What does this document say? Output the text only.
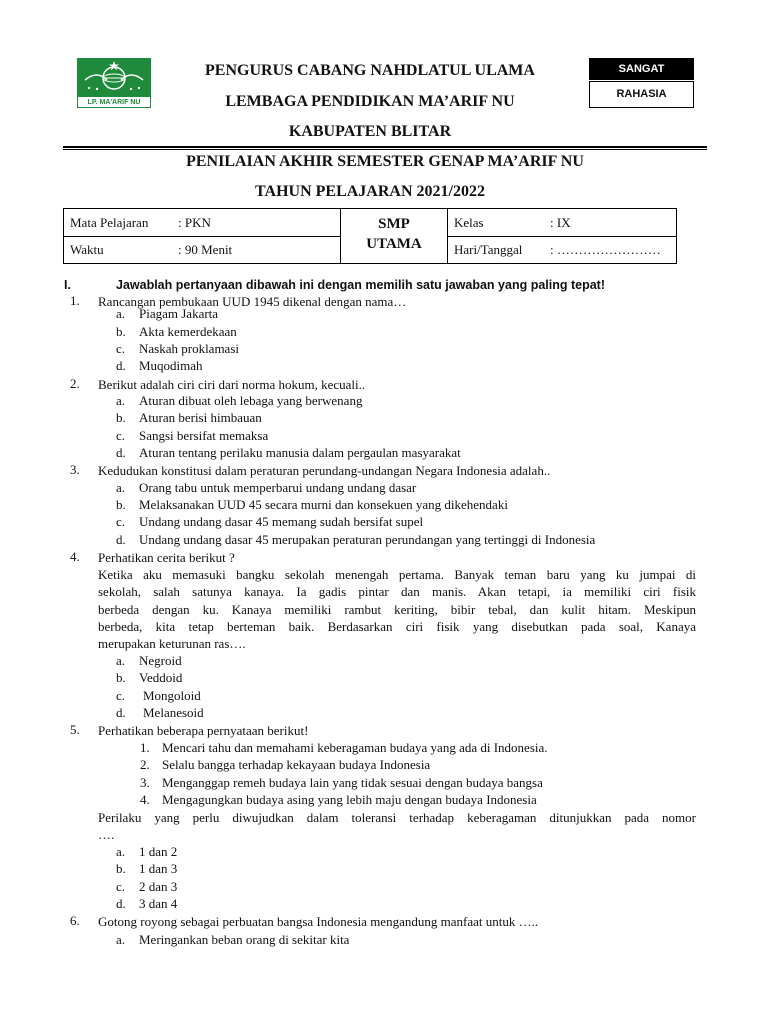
LP. MA'ARIF NU
PENGURUS CABANG NAHDLATUL ULAMA
LEMBAGA PENDIDIKAN MA’ARIF NU
KABUPATEN BLITAR
SANGAT
RAHASIA
PENILAIAN AKHIR SEMESTER GENAP MA’ARIF NU
TAHUN PELAJARAN 2021/2022
Mata Pelajaran : PKN
Waktu	: 90 Menit
SMP
UTAMA
Kelas	: IX
Hari/Tanggal : ……………………
I.	Jawablah pertanyaan dibawah ini dengan memilih satu jawaban yang paling tepat!
1. Rancangan pembukaan UUD 1945 dikenal dengan nama…
a. Piagam Jakarta
b. Akta kemerdekaan
c. Naskah proklamasi
d. Muqodimah
2. Berikut adalah ciri ciri dari norma hokum, kecuali..
a. Aturan dibuat oleh lebaga yang berwenang
b. Aturan berisi himbauan
c. Sangsi bersifat memaksa
d. Aturan tentang perilaku manusia dalam pergaulan masyarakat
3. Kedudukan konstitusi dalam peraturan perundang-undangan Negara Indonesia adalah..
a. Orang tabu untuk memperbarui undang undang dasar
b. Melaksanakan UUD 45 secara murni dan konsekuen yang dikehendaki
c. Undang undang dasar 45 memang sudah bersifat supel
d. Undang undang dasar 45 merupakan peraturan perundangan yang tertinggi di Indonesia
4. Perhatikan cerita berikut ?
Ketika aku memasuki bangku sekolah menengah pertama. Banyak teman baru yang ku jumpai di
sekolah, salah satunya kanaya. Ia gadis pintar dan manis. Akan tetapi, ia memiliki ciri fisik
berbeda dengan ku. Kanaya memiliki rambut keriting, bibir tebal, dan kulit hitam. Meskipun
berbeda, kita tetap berteman baik. Berdasarkan ciri fisik yang disebutkan pada soal, Kanaya
merupakan keturunan ras….
a. Negroid
b. Veddoid
c. Mongoloid
d. Melanesoid
5. Perhatikan beberapa pernyataan berikut!
1. Mencari tahu dan memahami keberagaman budaya yang ada di Indonesia.
2. Selalu bangga terhadap kekayaan budaya Indonesia
3. Menganggap remeh budaya lain yang tidak sesuai dengan budaya bangsa
4. Mengagungkan budaya asing yang lebih maju dengan budaya Indonesia
Perilaku yang perlu diwujudkan dalam toleransi terhadap keberagaman ditunjukkan pada nomor
….
a. 1 dan 2
b. 1 dan 3
c. 2 dan 3
d. 3 dan 4
6. Gotong royong sebagai perbuatan bangsa Indonesia mengandung manfaat untuk …..
a. Meringankan beban orang di sekitar kita
